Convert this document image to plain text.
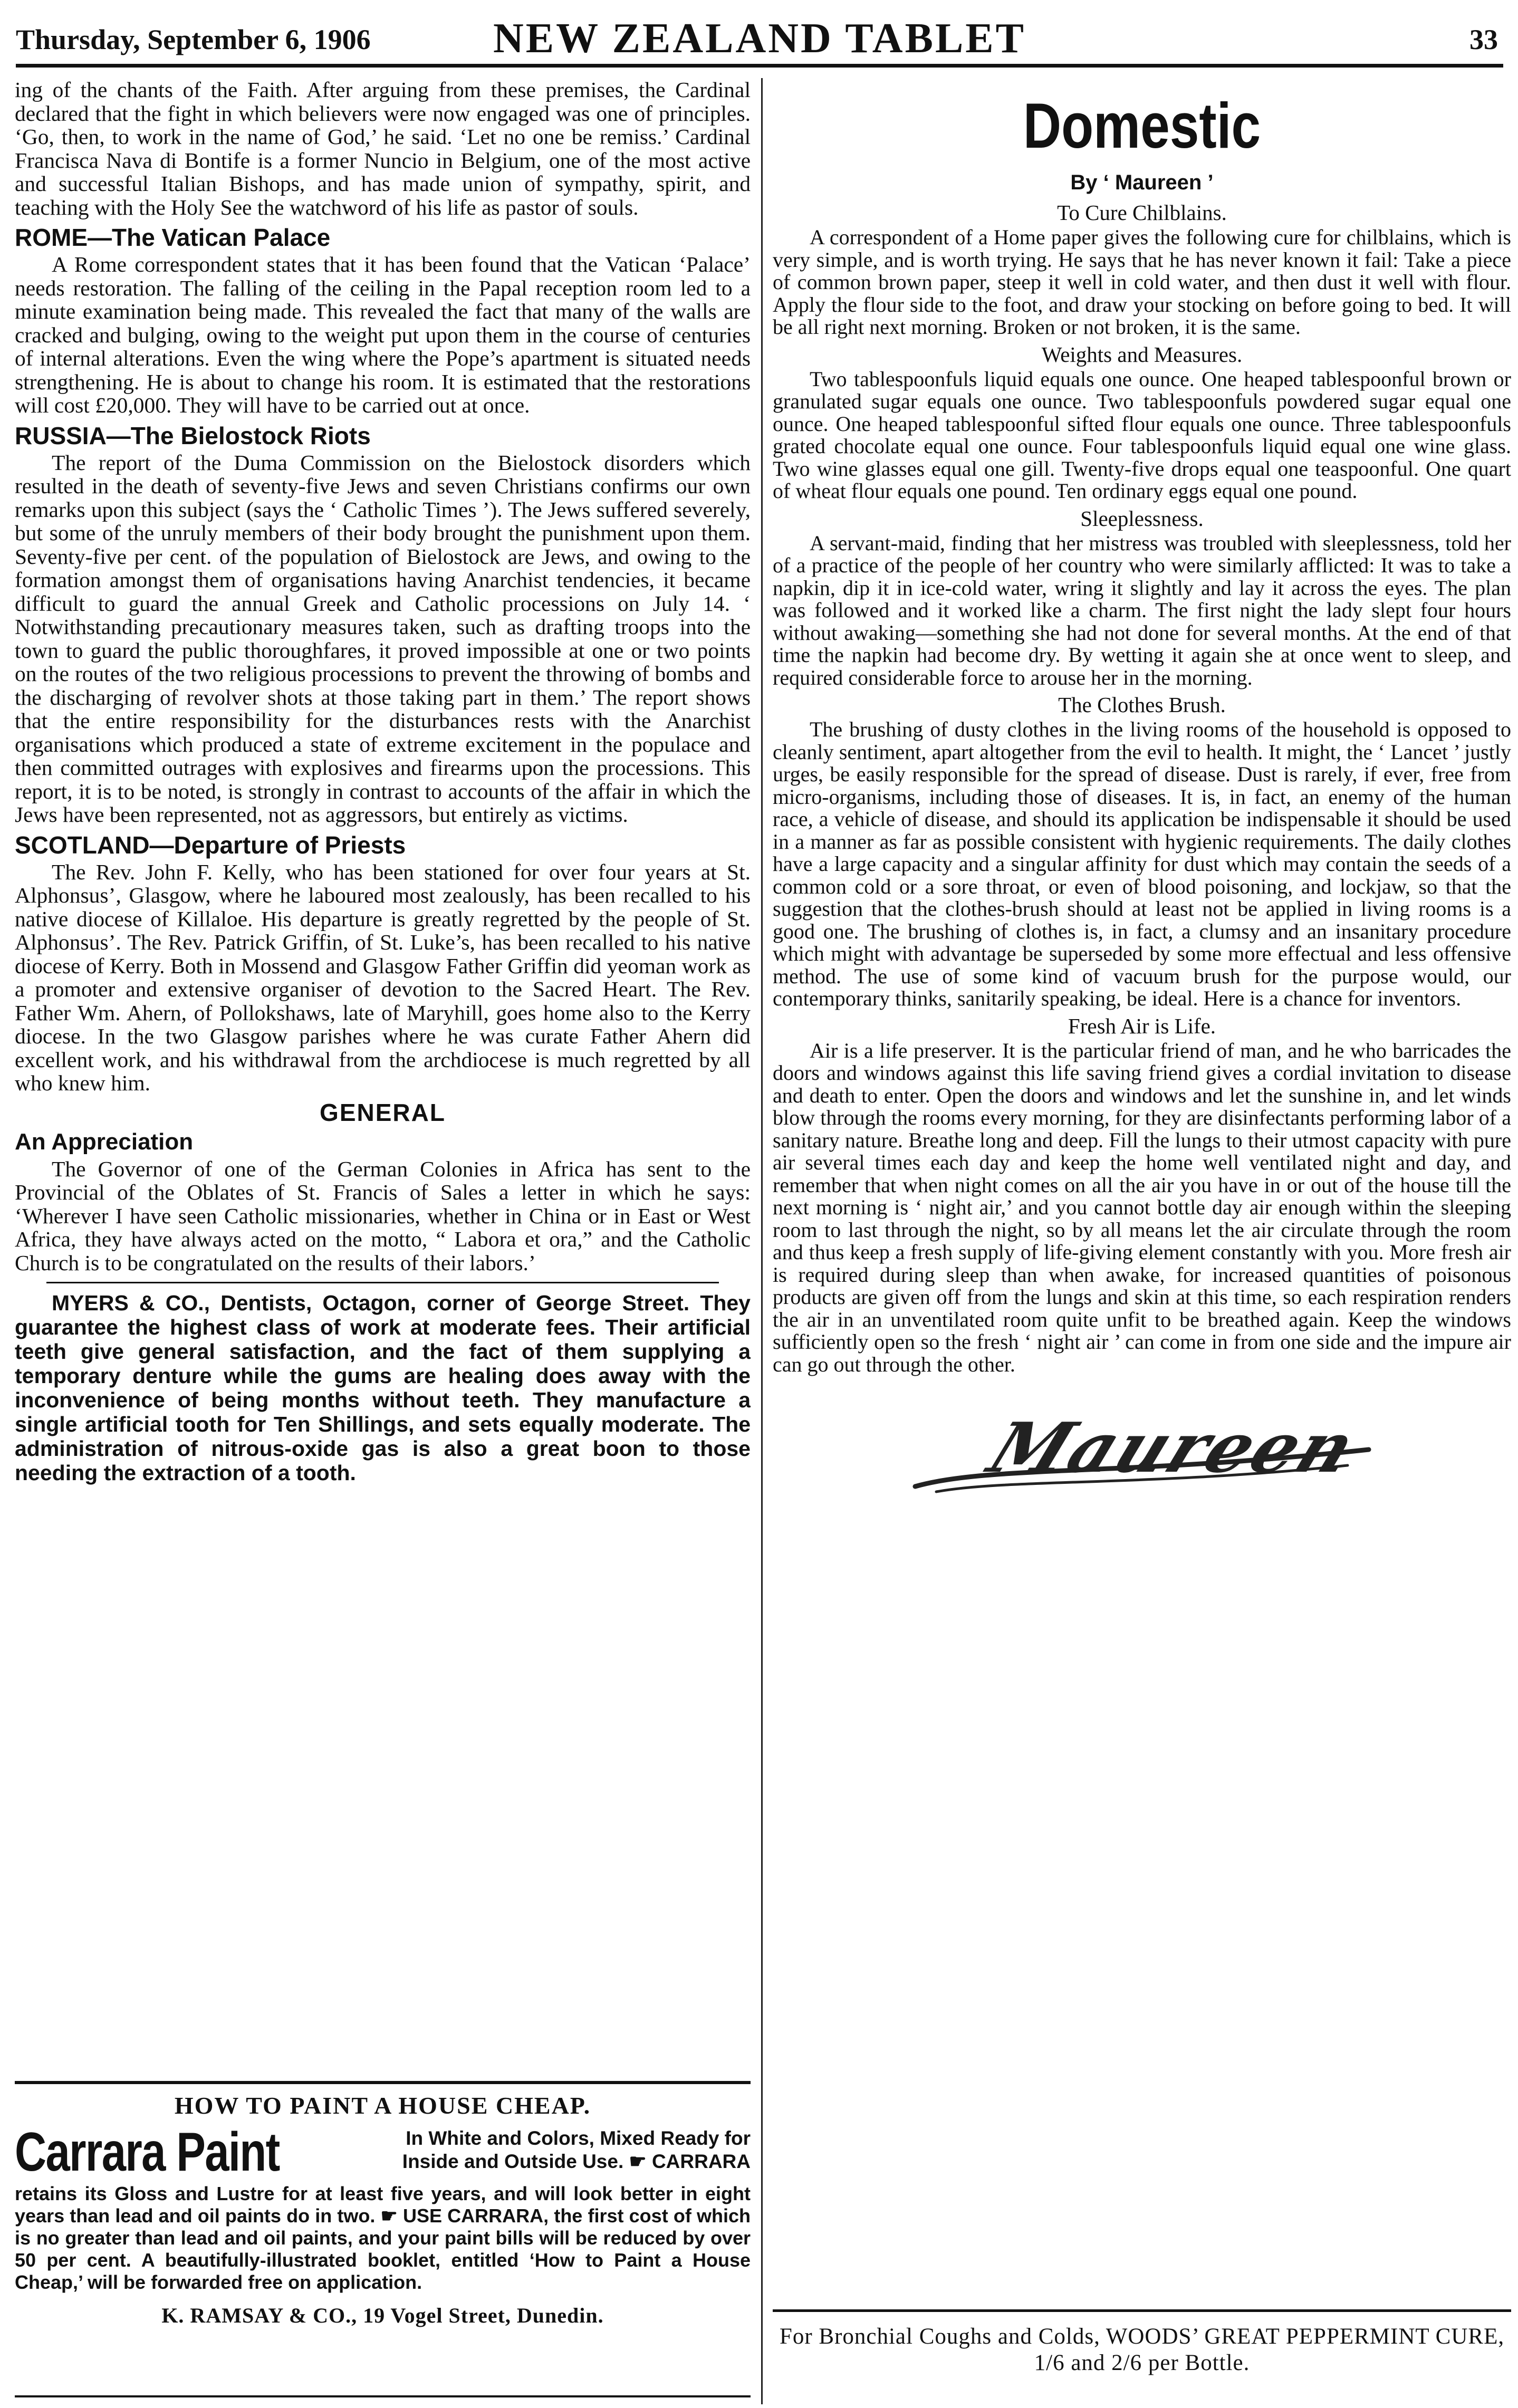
Thursday, September 6, 1906	NEW ZEALAND TABLET	33

ing of the chants of the Faith. After arguing from these premises, the Cardinal declared that the fight in which believers were now engaged was one of principles. ‘Go, then, to work in the name of God,’ he said. ‘Let no one be remiss.’ Cardinal Francisca Nava di Bontife is a former Nuncio in Belgium, one of the most active and successful Italian Bishops, and has made union of sympathy, spirit, and teaching with the Holy See the watchword of his life as pastor of souls.

ROME—The Vatican Palace

A Rome correspondent states that it has been found that the Vatican ‘Palace’ needs restoration. The falling of the ceiling in the Papal reception room led to a minute examination being made. This revealed the fact that many of the walls are cracked and bulging, owing to the weight put upon them in the course of centuries of internal alterations. Even the wing where the Pope’s apartment is situated needs strengthening. He is about to change his room. It is estimated that the restorations will cost £20,000. They will have to be carried out at once.

RUSSIA—The Bielostock Riots

The report of the Duma Commission on the Bielostock disorders which resulted in the death of seventy-five Jews and seven Christians confirms our own remarks upon this subject (says the ‘ Catholic Times ’). The Jews suffered severely, but some of the unruly members of their body brought the punishment upon them. Seventy-five per cent. of the population of Bielostock are Jews, and owing to the formation amongst them of organisations having Anarchist tendencies, it became difficult to guard the annual Greek and Catholic processions on July 14. ‘ Notwithstanding precautionary measures taken, such as drafting troops into the town to guard the public thoroughfares, it proved impossible at one or two points on the routes of the two religious processions to prevent the throwing of bombs and the discharging of revolver shots at those taking part in them.’ The report shows that the entire responsibility for the disturbances rests with the Anarchist organisations which produced a state of extreme excitement in the populace and then committed outrages with explosives and firearms upon the processions. This report, it is to be noted, is strongly in contrast to accounts of the affair in which the Jews have been represented, not as aggressors, but entirely as victims.

SCOTLAND—Departure of Priests

The Rev. John F. Kelly, who has been stationed for over four years at St. Alphonsus’, Glasgow, where he laboured most zealously, has been recalled to his native diocese of Killaloe. His departure is greatly regretted by the people of St. Alphonsus’. The Rev. Patrick Griffin, of St. Luke’s, has been recalled to his native diocese of Kerry. Both in Mossend and Glasgow Father Griffin did yeoman work as a promoter and extensive organiser of devotion to the Sacred Heart. The Rev. Father Wm. Ahern, of Pollokshaws, late of Maryhill, goes home also to the Kerry diocese. In the two Glasgow parishes where he was curate Father Ahern did excellent work, and his withdrawal from the archdiocese is much regretted by all who knew him.

GENERAL
An Appreciation

The Governor of one of the German Colonies in Africa has sent to the Provincial of the Oblates of St. Francis of Sales a letter in which he says: ‘Wherever I have seen Catholic missionaries, whether in China or in East or West Africa, they have always acted on the motto, “ Labora et ora,” and the Catholic Church is to be congratulated on the results of their labors.’

MYERS & CO., Dentists, Octagon, corner of George Street. They guarantee the highest class of work at moderate fees. Their artificial teeth give general satisfaction, and the fact of them supplying a temporary denture while the gums are healing does away with the inconvenience of being months without teeth. They manufacture a single artificial tooth for Ten Shillings, and sets equally moderate. The administration of nitrous-oxide gas is also a great boon to those needing the extraction of a tooth.

HOW TO PAINT A HOUSE CHEAP.
Carrara Paint	In White and Colors, Mixed Ready for
Inside and Outside Use. ☛ CARRARA

retains its Gloss and Lustre for at least five years, and will look better in eight years than lead and oil paints do in two. ☛ USE CARRARA, the first cost of which is no greater than lead and oil paints, and your paint bills will be reduced by over 50 per cent. A beautifully-illustrated booklet, entitled ‘How to Paint a House Cheap,’ will be forwarded free on application.

K. RAMSAY & CO., 19 Vogel Street, Dunedin.
Domestic
By ‘ Maureen ’
To Cure Chilblains.

A correspondent of a Home paper gives the following cure for chilblains, which is very simple, and is worth trying. He says that he has never known it fail: Take a piece of common brown paper, steep it well in cold water, and then dust it well with flour. Apply the flour side to the foot, and draw your stocking on before going to bed. It will be all right next morning. Broken or not broken, it is the same.

Weights and Measures.

Two tablespoonfuls liquid equals one ounce. One heaped tablespoonful brown or granulated sugar equals one ounce. Two tablespoonfuls powdered sugar equal one ounce. One heaped tablespoonful sifted flour equals one ounce. Three tablespoonfuls grated chocolate equal one ounce. Four tablespoonfuls liquid equal one wine glass. Two wine glasses equal one gill. Twenty-five drops equal one teaspoonful. One quart of wheat flour equals one pound. Ten ordinary eggs equal one pound.

Sleeplessness.

A servant-maid, finding that her mistress was troubled with sleeplessness, told her of a practice of the people of her country who were similarly afflicted: It was to take a napkin, dip it in ice-cold water, wring it slightly and lay it across the eyes. The plan was followed and it worked like a charm. The first night the lady slept four hours without awaking—something she had not done for several months. At the end of that time the napkin had become dry. By wetting it again she at once went to sleep, and required considerable force to arouse her in the morning.

The Clothes Brush.

The brushing of dusty clothes in the living rooms of the household is opposed to cleanly sentiment, apart altogether from the evil to health. It might, the ‘ Lancet ’ justly urges, be easily responsible for the spread of disease. Dust is rarely, if ever, free from micro-organisms, including those of diseases. It is, in fact, an enemy of the human race, a vehicle of disease, and should its application be indispensable it should be used in a manner as far as possible consistent with hygienic requirements. The daily clothes have a large capacity and a singular affinity for dust which may contain the seeds of a common cold or a sore throat, or even of blood poisoning, and lockjaw, so that the suggestion that the clothes-brush should at least not be applied in living rooms is a good one. The brushing of clothes is, in fact, a clumsy and an insanitary procedure which might with advantage be superseded by some more effectual and less offensive method. The use of some kind of vacuum brush for the purpose would, our contemporary thinks, sanitarily speaking, be ideal. Here is a chance for inventors.

Fresh Air is Life.

Air is a life preserver. It is the particular friend of man, and he who barricades the doors and windows against this life saving friend gives a cordial invitation to disease and death to enter. Open the doors and windows and let the sunshine in, and let winds blow through the rooms every morning, for they are disinfectants performing labor of a sanitary nature. Breathe long and deep. Fill the lungs to their utmost capacity with pure air several times each day and keep the home well ventilated night and day, and remember that when night comes on all the air you have in or out of the house till the next morning is ‘ night air,’ and you cannot bottle day air enough within the sleeping room to last through the night, so by all means let the air circulate through the room and thus keep a fresh supply of life-giving element constantly with you. More fresh air is required during sleep than when awake, for increased quantities of poisonous products are given off from the lungs and skin at this time, so each respiration renders the air in an unventilated room quite unfit to be breathed again. Keep the windows sufficiently open so the fresh ‘ night air ’ can come in from one side and the impure air can go out through the other.

Maureen

For Bronchial Coughs and Colds, WOODS’ GREAT PEPPERMINT CURE, 1/6 and 2/6 per Bottle.
